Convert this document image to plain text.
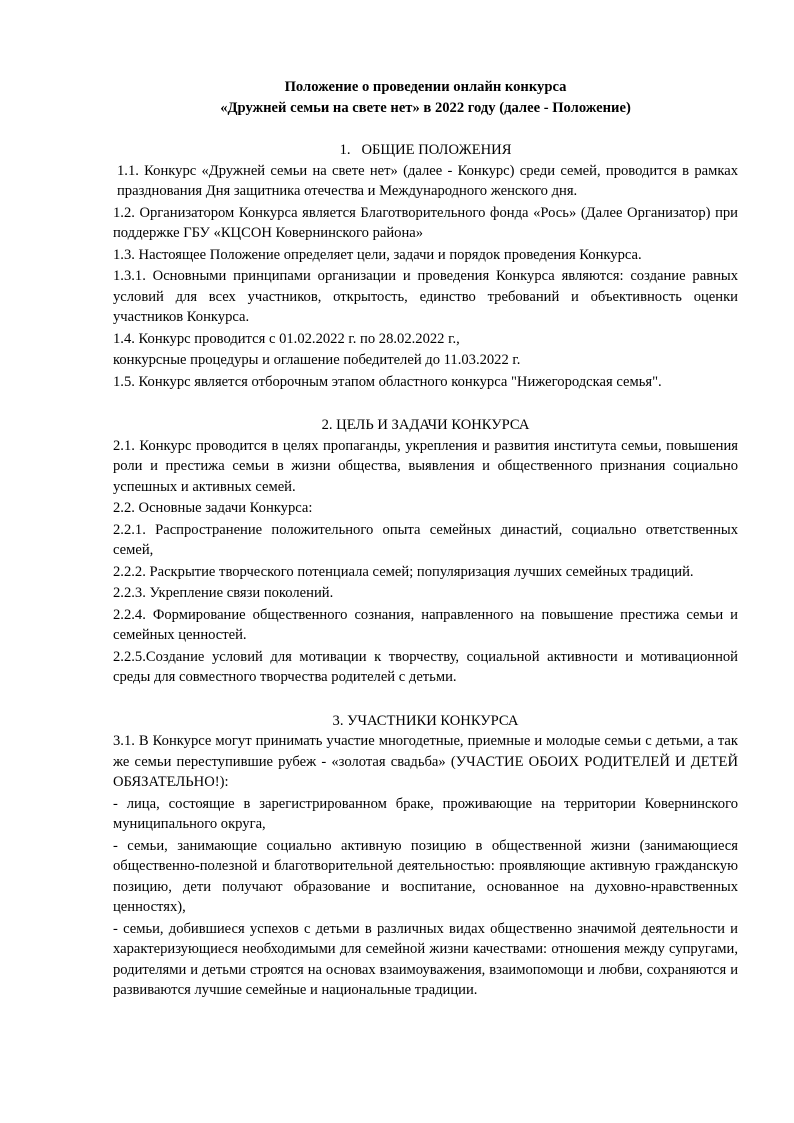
Положение о проведении онлайн конкурса

«Дружней семьи на свете нет» в 2022 году (далее - Положение)

1.   ОБЩИЕ ПОЛОЖЕНИЯ

1.1. Конкурс «Дружней семьи на свете нет» (далее - Конкурс) среди семей, проводится в рамках празднования Дня защитника отечества и Международного женского дня.

1.2. Организатором Конкурса является Благотворительного фонда «Рось» (Далее Организатор) при поддержке ГБУ «КЦСОН Ковернинского района»

1.3. Настоящее Положение определяет цели, задачи и порядок проведения Конкурса.

1.3.1. Основными принципами организации и проведения Конкурса являются: создание равных условий для всех участников, открытость, единство требований и объективность оценки участников Конкурса.

1.4. Конкурс проводится с 01.02.2022 г. по 28.02.2022 г.,

конкурсные процедуры и оглашение победителей до 11.03.2022 г.

1.5. Конкурс является отборочным этапом областного конкурса "Нижегородская семья".

2. ЦЕЛЬ И ЗАДАЧИ КОНКУРСА

2.1. Конкурс проводится в целях пропаганды, укрепления и развития института семьи, повышения роли и престижа семьи в жизни общества, выявления и общественного признания социально успешных и активных семей.

2.2. Основные задачи Конкурса:

2.2.1. Распространение положительного опыта семейных династий, социально ответственных семей,

2.2.2. Раскрытие творческого потенциала семей; популяризация лучших семейных традиций.

2.2.3. Укрепление связи поколений.

2.2.4. Формирование общественного сознания, направленного на повышение престижа семьи и семейных ценностей.

2.2.5.Создание условий для мотивации к творчеству, социальной активности и мотивационной среды для совместного творчества родителей с детьми.

3. УЧАСТНИКИ КОНКУРСА

3.1. В Конкурсе могут принимать участие многодетные, приемные и молодые семьи с детьми, а так же семьи переступившие рубеж - «золотая свадьба» (УЧАСТИЕ ОБОИХ РОДИТЕЛЕЙ И ДЕТЕЙ ОБЯЗАТЕЛЬНО!):

- лица, состоящие в зарегистрированном браке, проживающие на территории Ковернинского муниципального округа,

- семьи, занимающие социально активную позицию в общественной жизни (занимающиеся общественно-полезной и благотворительной деятельностью: проявляющие активную гражданскую позицию, дети получают образование и воспитание, основанное на духовно-нравственных ценностях),

- семьи, добившиеся успехов с детьми в различных видах общественно значимой деятельности и характеризующиеся необходимыми для семейной жизни качествами: отношения между супругами, родителями и детьми строятся на основах взаимоуважения, взаимопомощи и любви, сохраняются и развиваются лучшие семейные и национальные традиции.
